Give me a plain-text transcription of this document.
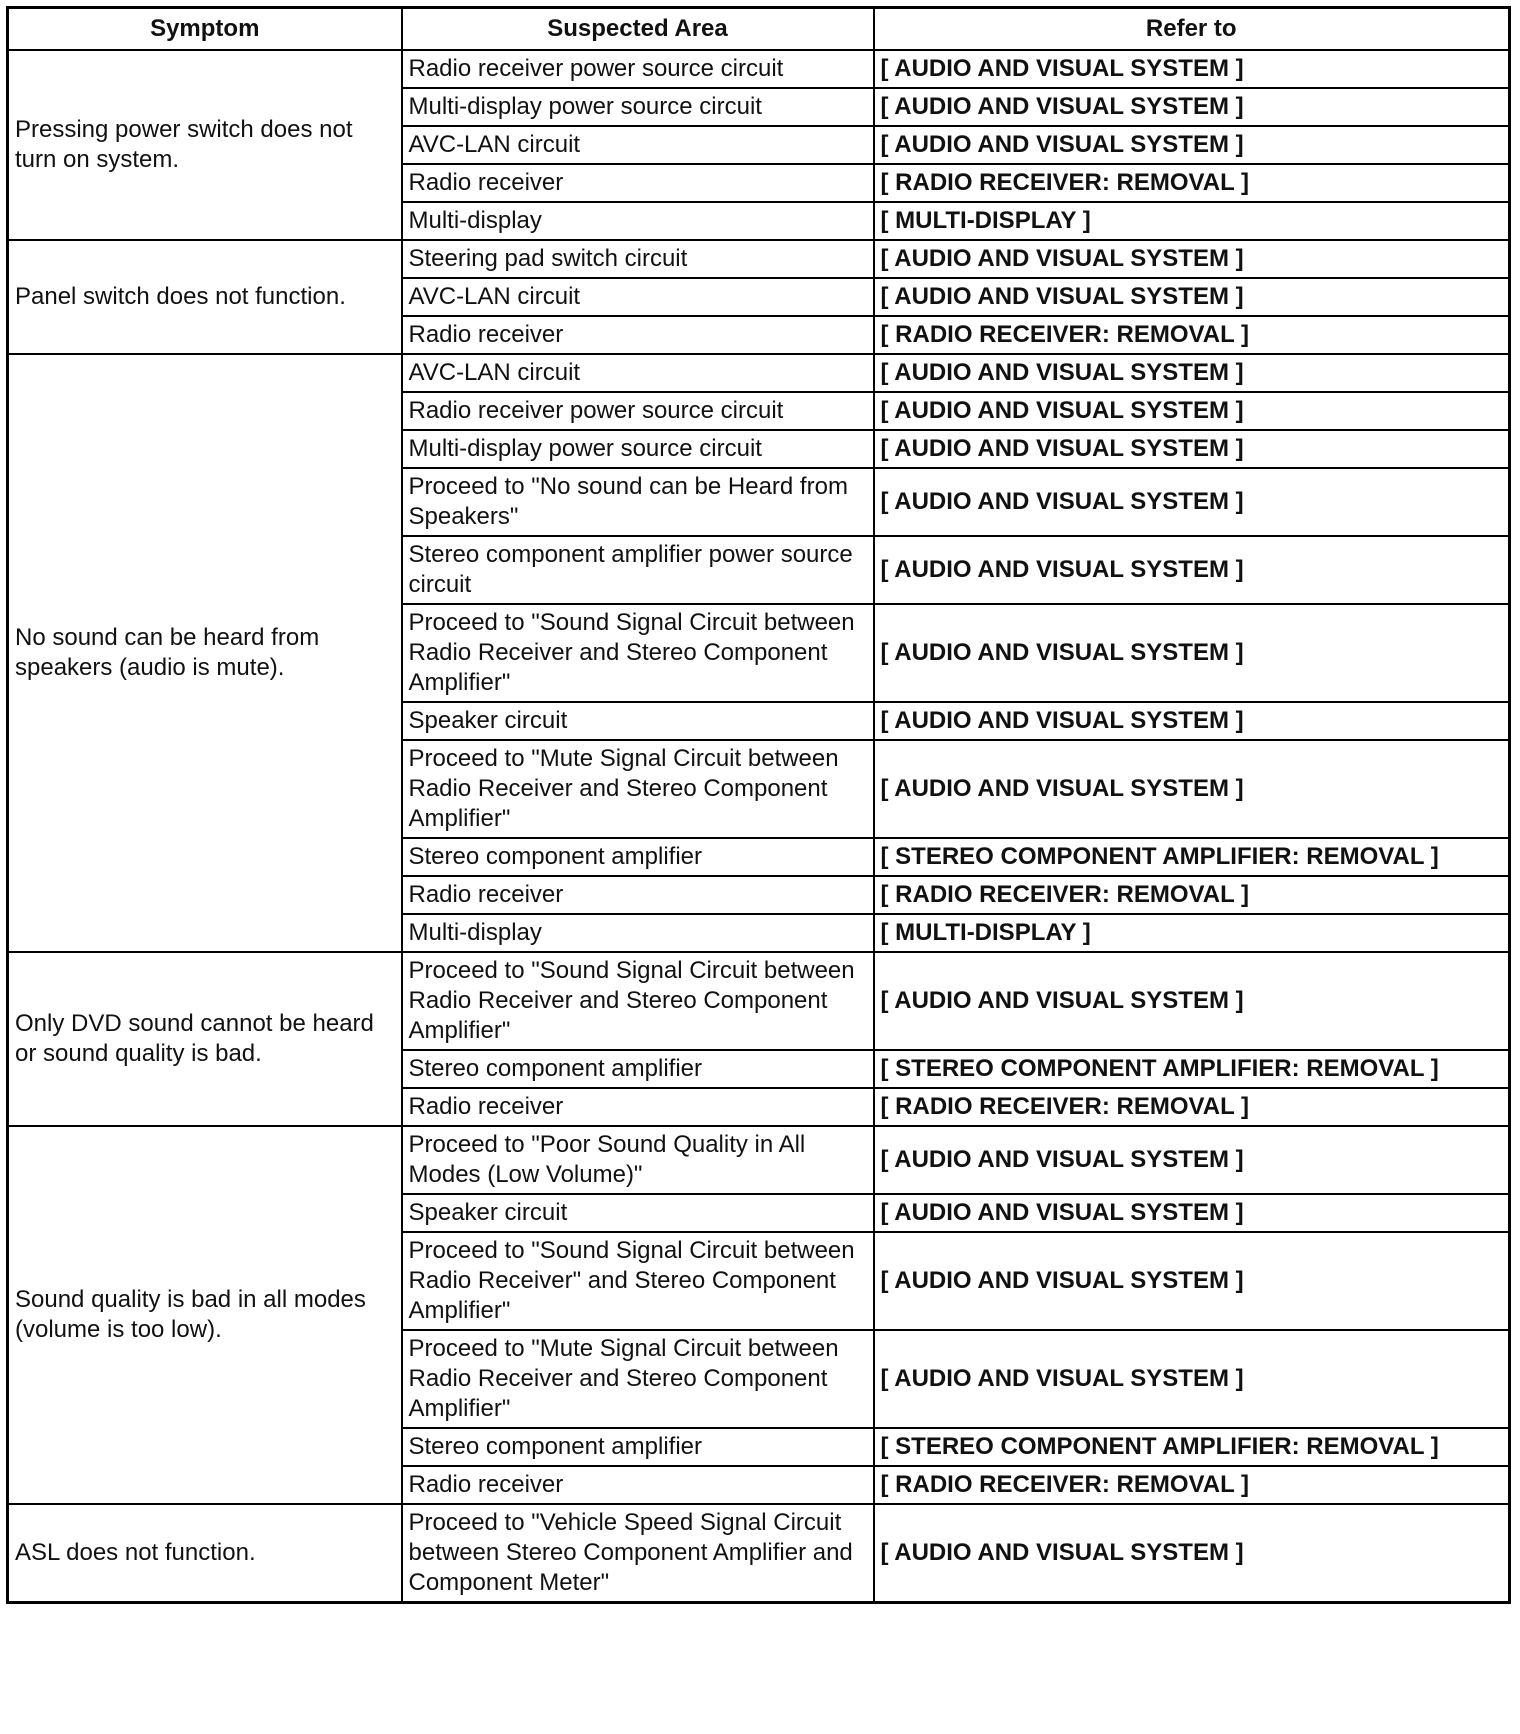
Symptom	Suspected Area	Refer to
Pressing power switch does not turn on system.	Radio receiver power source circuit	[ AUDIO AND VISUAL SYSTEM ]
	Multi-display power source circuit	[ AUDIO AND VISUAL SYSTEM ]
	AVC-LAN circuit	[ AUDIO AND VISUAL SYSTEM ]
	Radio receiver	[ RADIO RECEIVER: REMOVAL ]
	Multi-display	[ MULTI-DISPLAY ]
Panel switch does not function.	Steering pad switch circuit	[ AUDIO AND VISUAL SYSTEM ]
	AVC-LAN circuit	[ AUDIO AND VISUAL SYSTEM ]
	Radio receiver	[ RADIO RECEIVER: REMOVAL ]
No sound can be heard from speakers (audio is mute).	AVC-LAN circuit	[ AUDIO AND VISUAL SYSTEM ]
	Radio receiver power source circuit	[ AUDIO AND VISUAL SYSTEM ]
	Multi-display power source circuit	[ AUDIO AND VISUAL SYSTEM ]
	Proceed to "No sound can be Heard from Speakers"	[ AUDIO AND VISUAL SYSTEM ]
	Stereo component amplifier power source circuit	[ AUDIO AND VISUAL SYSTEM ]
	Proceed to "Sound Signal Circuit between Radio Receiver and Stereo Component Amplifier"	[ AUDIO AND VISUAL SYSTEM ]
	Speaker circuit	[ AUDIO AND VISUAL SYSTEM ]
	Proceed to "Mute Signal Circuit between Radio Receiver and Stereo Component Amplifier"	[ AUDIO AND VISUAL SYSTEM ]
	Stereo component amplifier	[ STEREO COMPONENT AMPLIFIER: REMOVAL ]
	Radio receiver	[ RADIO RECEIVER: REMOVAL ]
	Multi-display	[ MULTI-DISPLAY ]
Only DVD sound cannot be heard or sound quality is bad.	Proceed to "Sound Signal Circuit between Radio Receiver and Stereo Component Amplifier"	[ AUDIO AND VISUAL SYSTEM ]
	Stereo component amplifier	[ STEREO COMPONENT AMPLIFIER: REMOVAL ]
	Radio receiver	[ RADIO RECEIVER: REMOVAL ]
Sound quality is bad in all modes (volume is too low).	Proceed to "Poor Sound Quality in All Modes (Low Volume)"	[ AUDIO AND VISUAL SYSTEM ]
	Speaker circuit	[ AUDIO AND VISUAL SYSTEM ]
	Proceed to "Sound Signal Circuit between Radio Receiver" and Stereo Component Amplifier"	[ AUDIO AND VISUAL SYSTEM ]
	Proceed to "Mute Signal Circuit between Radio Receiver and Stereo Component Amplifier"	[ AUDIO AND VISUAL SYSTEM ]
	Stereo component amplifier	[ STEREO COMPONENT AMPLIFIER: REMOVAL ]
	Radio receiver	[ RADIO RECEIVER: REMOVAL ]
ASL does not function.	Proceed to "Vehicle Speed Signal Circuit between Stereo Component Amplifier and Component Meter"	[ AUDIO AND VISUAL SYSTEM ]
